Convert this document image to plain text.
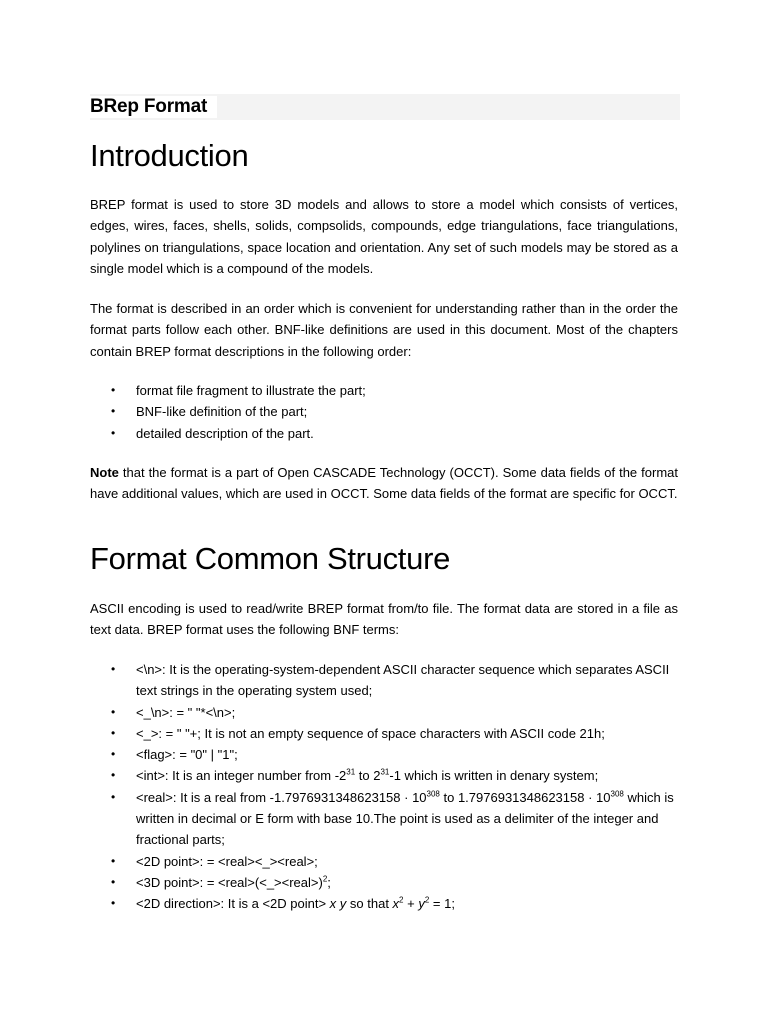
BRep Format
Introduction

BREP format is used to store 3D models and allows to store a model which consists of vertices, edges, wires, faces, shells, solids, compsolids, compounds, edge triangulations, face triangulations, polylines on triangulations, space location and orientation. Any set of such models may be stored as a single model which is a compound of the models.

The format is described in an order which is convenient for understanding rather than in the order the format parts follow each other. BNF-like definitions are used in this document. Most of the chapters contain BREP format descriptions in the following order:

• format file fragment to illustrate the part;
• BNF-like definition of the part;
• detailed description of the part.

Note that the format is a part of Open CASCADE Technology (OCCT). Some data fields of the format have additional values, which are used in OCCT. Some data fields of the format are specific for OCCT.

Format Common Structure

ASCII encoding is used to read/write BREP format from/to file. The format data are stored in a file as text data. BREP format uses the following BNF terms:

• <\n>: It is the operating-system-dependent ASCII character sequence which separates ASCII text strings in the operating system used;
• <_\n>: = " "*<\n>;
• <_>: = " "+; It is not an empty sequence of space characters with ASCII code 21h;
• <flag>: = "0" | "1";
• <int>: It is an integer number from $-2^{31}$ to $2^{31}-1$ which is written in denary system;
• <real>: It is a real from $-1.7976931348623158 \cdot 10^{308}$ to $1.7976931348623158 \cdot 10^{308}$ which is written in decimal or E form with base 10.The point is used as a delimiter of the integer and fractional parts;
• <2D point>: = <real><_><real>;
• <3D point>: = <real>(<_><real>)$^2$;
• <2D direction>: It is a <2D point> x y so that $x^2 + y^2 = 1$;
